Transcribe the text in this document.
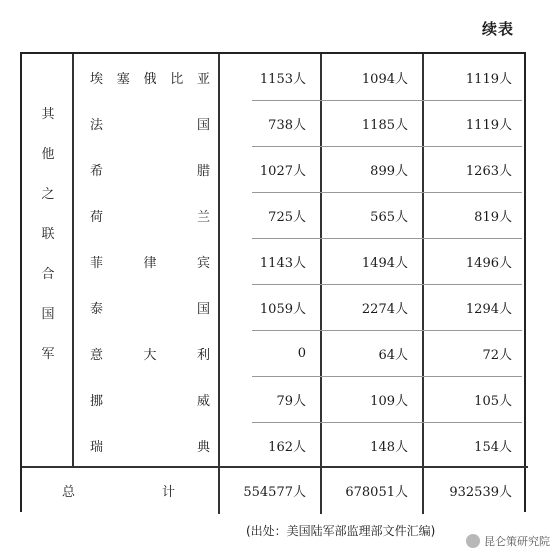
续表
其
他
之
联
合
国
军
埃 塞 俄 比 亚	1153人	1094人	1119人
法	国	738人	1185人	1119人
希	腊	1027人	899人	1263人
荷	兰	725人	565人	819人
菲	律	宾	1143人	1494人	1496人
泰	国	1059人	2274人	1294人
意	大	利	0	64人	72人
挪	威	79人	109人	105人
瑞	典	162人	148人	154人
总	计	554577人	678051人	932539人
(出处：美国陆军部监理部文件汇编)
昆仑策研究院
